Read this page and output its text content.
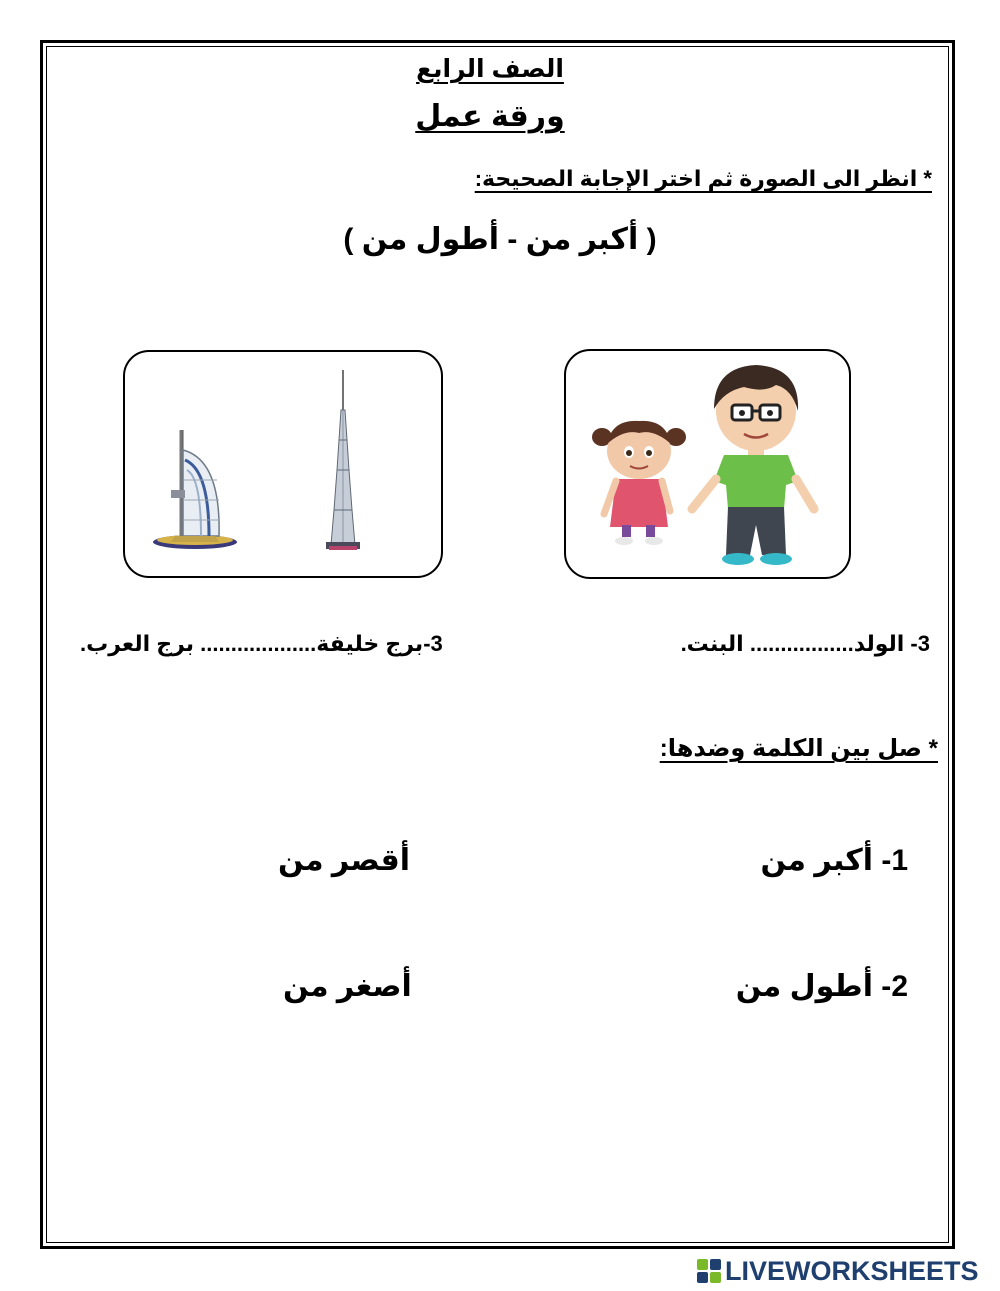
الصف الرابع
ورقة عمل
* انظر الى الصورة ثم اختر الإجابة الصحيحة:
( أكبر من - أطول من )
3-برج خليفة................... برج العرب.	3- الولد................. البنت.
* صل بين الكلمة وضدها:
1- أكبر من
أقصر من
2- أطول من
أصغر من
LIVEWORKSHEETS
